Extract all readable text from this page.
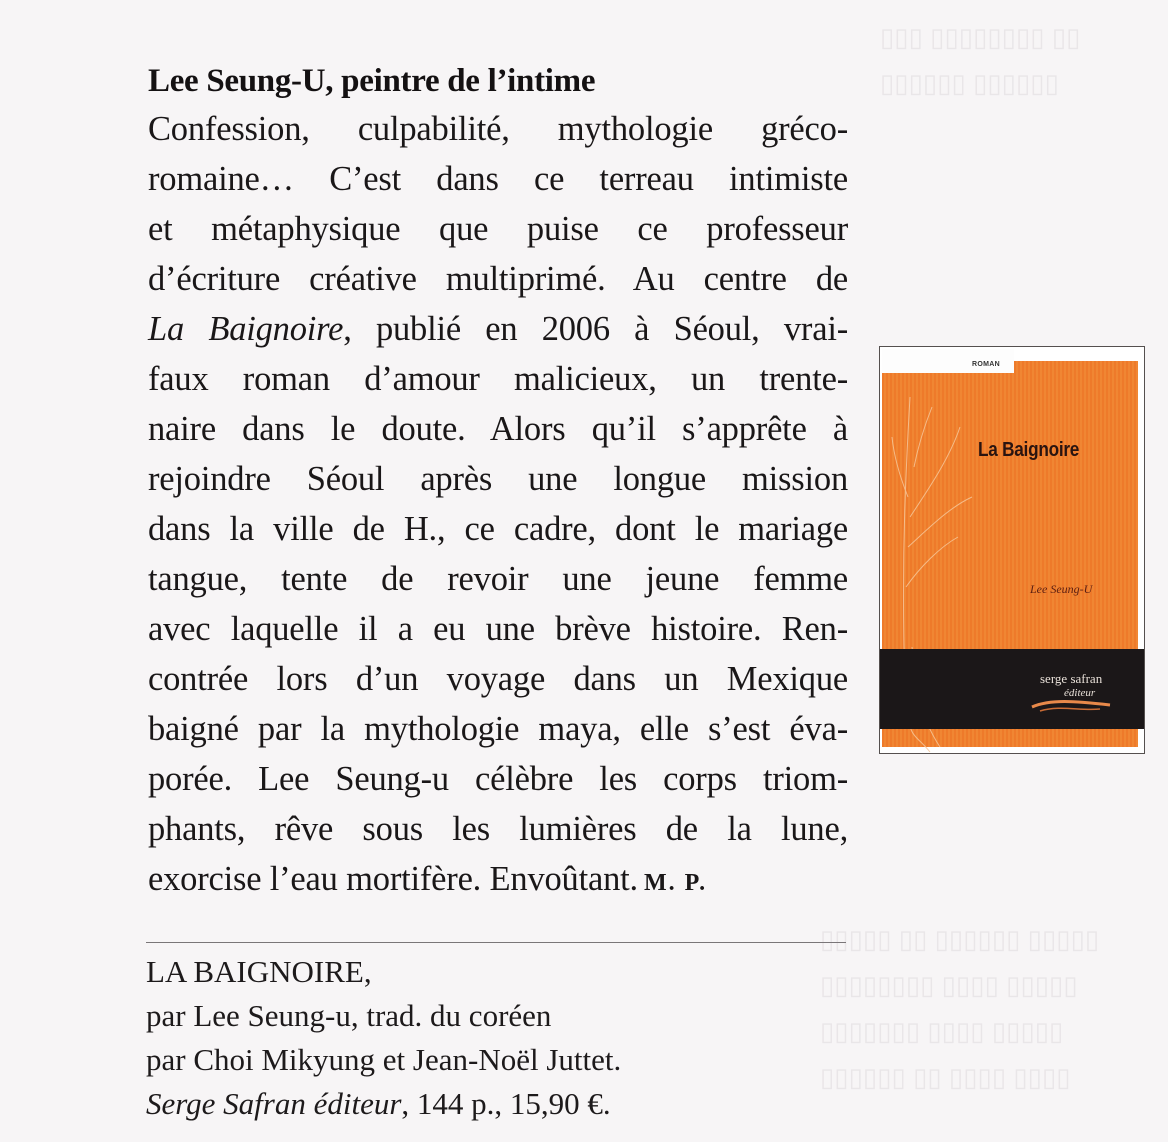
▯▯▯ ▯▯▯▯▯▯▯▯ ▯▯
▯▯▯▯▯▯ ▯▯▯▯▯▯
▯▯▯▯▯ ▯▯ ▯▯▯▯▯▯ ▯▯▯▯▯
▯▯▯▯▯▯▯▯ ▯▯▯▯ ▯▯▯▯▯
▯▯▯▯▯▯▯ ▯▯▯▯ ▯▯▯▯▯
▯▯▯▯▯▯ ▯▯ ▯▯▯▯ ▯▯▯▯
Lee Seung-U, peintre de l’intime

Confession, culpabilité, mythologie gréco-
romaine… C’est dans ce terreau intimiste
et métaphysique que puise ce professeur
d’écriture créative multiprimé. Au centre de
La Baignoire, publié en 2006 à Séoul, vrai-
faux roman d’amour malicieux, un trente-
naire dans le doute. Alors qu’il s’apprête à
rejoindre Séoul après une longue mission
dans la ville de H., ce cadre, dont le mariage
tangue, tente de revoir une jeune femme
avec laquelle il a eu une brève histoire. Ren-
contrée lors d’un voyage dans un Mexique
baigné par la mythologie maya, elle s’est éva-
porée. Lee Seung-u célèbre les corps triom-
phants, rêve sous les lumières de la lune,
exorcise l’eau mortifère. Envoûtant. M. P.

LA BAIGNOIRE,
par Lee Seung-u, trad. du coréen
par Choi Mikyung et Jean-Noël Juttet.
Serge Safran éditeur, 144 p., 15,90 €.
ROMAN
La Baignoire
Lee Seung-U
serge safran
éditeur
